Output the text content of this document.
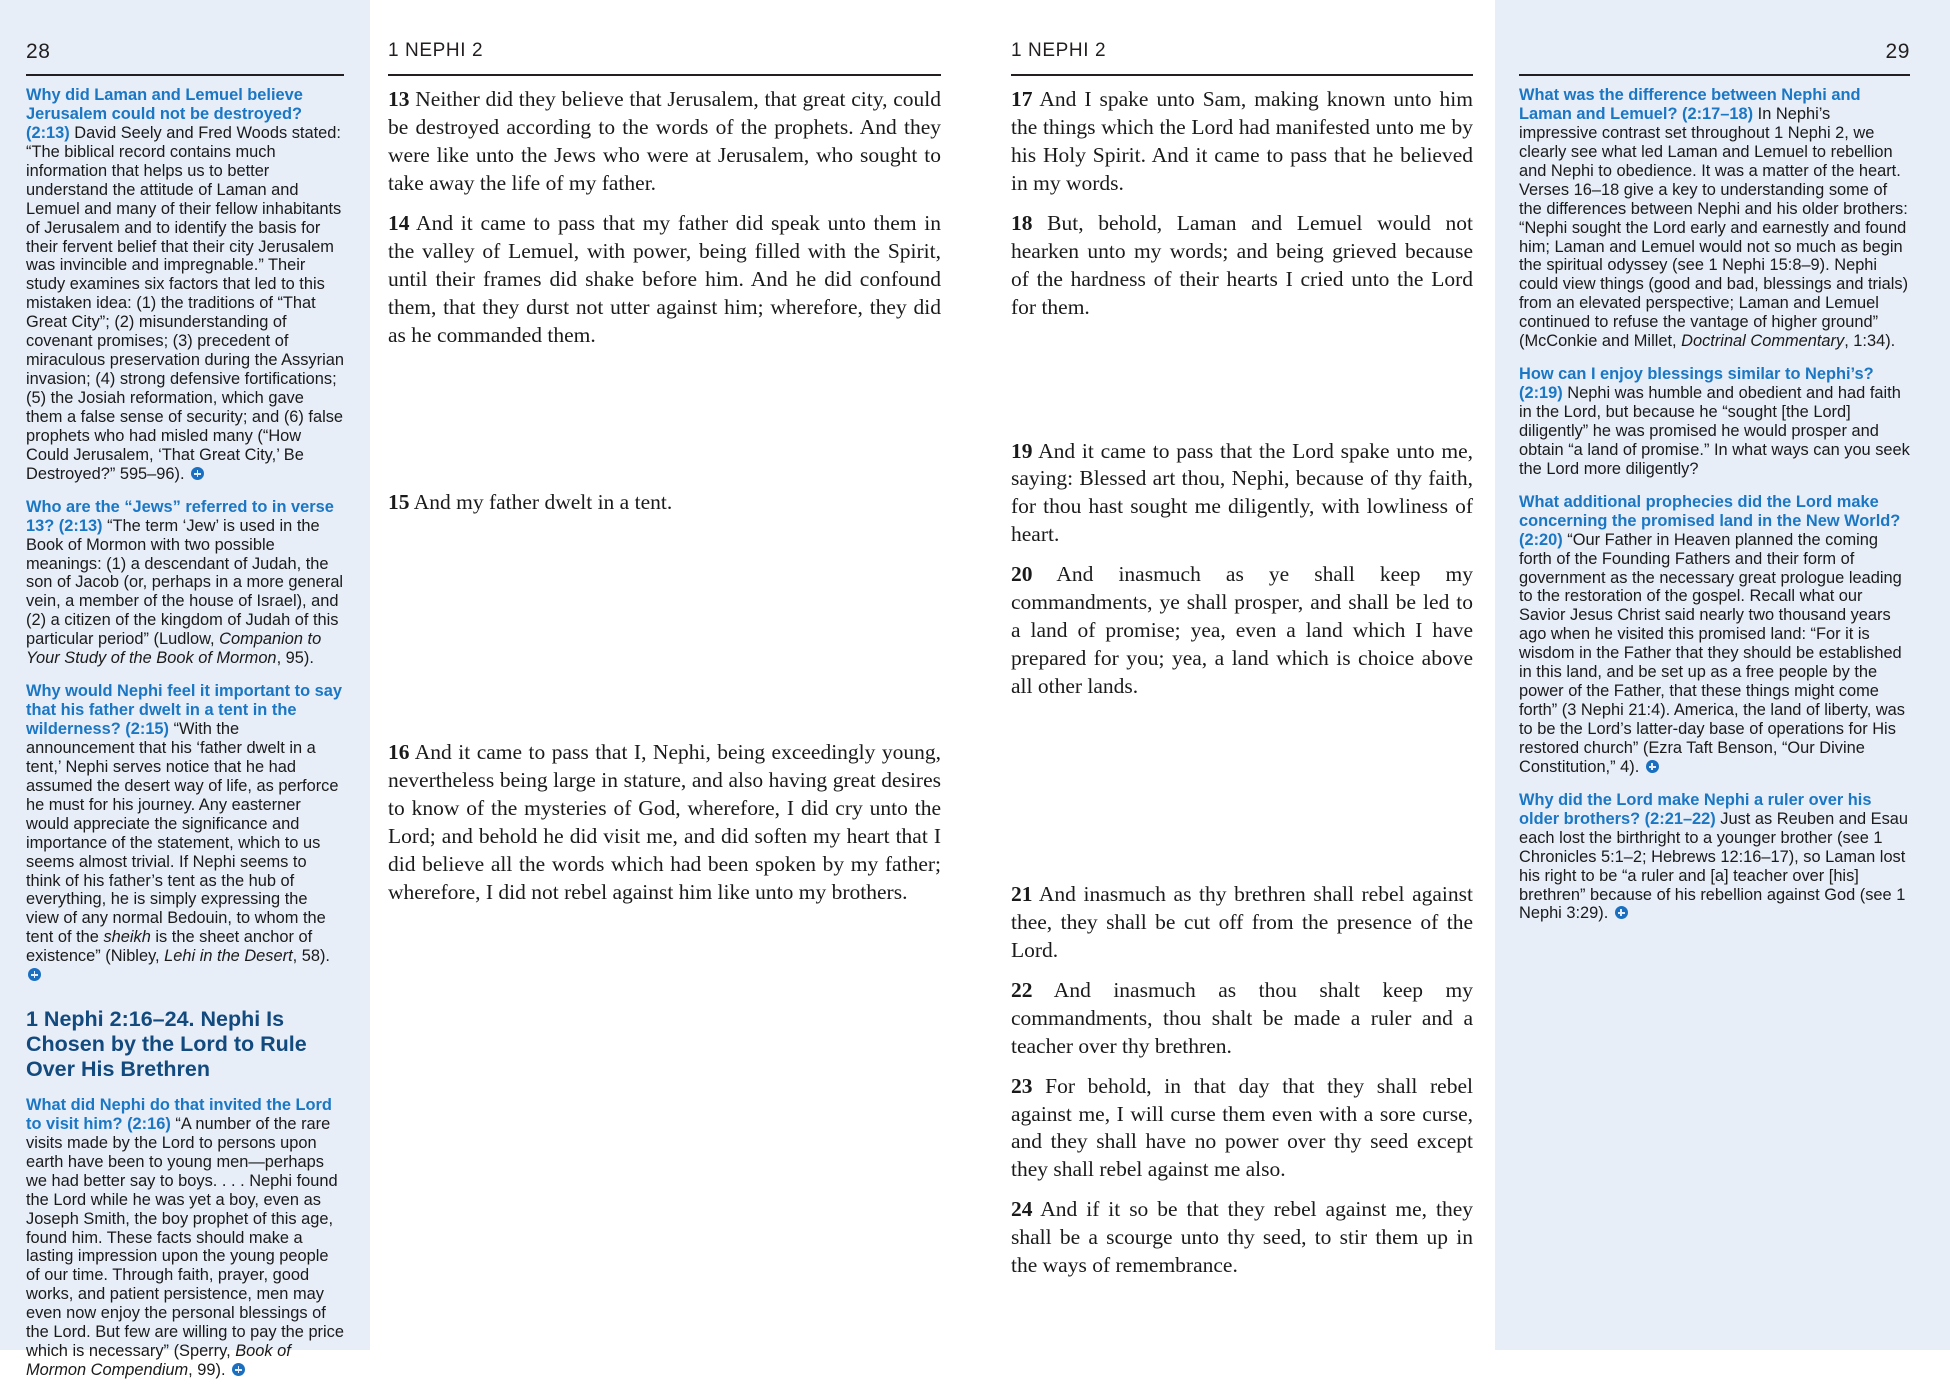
28
Why did Laman and Lemuel believe Jerusalem could not be destroyed? (2:13) David Seely and Fred Woods stated: “The biblical record contains much information that helps us to better understand the attitude of Laman and Lemuel and many of their fellow inhabitants of Jerusalem and to identify the basis for their fervent belief that their city Jerusalem was invincible and impregnable.” Their study examines six factors that led to this mistaken idea: (1) the traditions of “That Great City”; (2) misunderstanding of covenant promises; (3) precedent of miraculous preservation during the Assyrian invasion; (4) strong defensive fortifications; (5) the Josiah reformation, which gave them a false sense of security; and (6) false prophets who had misled many (“How Could Jerusalem, ‘That Great City,’ Be Destroyed?” 595–96).
Who are the “Jews” referred to in verse 13? (2:13) “The term ‘Jew’ is used in the Book of Mormon with two possible meanings: (1) a descendant of Judah, the son of Jacob (or, perhaps in a more general vein, a member of the house of Israel), and (2) a citizen of the kingdom of Judah of this particular period” (Ludlow, Companion to Your Study of the Book of Mormon, 95).
Why would Nephi feel it important to say that his father dwelt in a tent in the wilderness? (2:15) “With the announcement that his ‘father dwelt in a tent,’ Nephi serves notice that he had assumed the desert way of life, as perforce he must for his journey. Any easterner would appreciate the significance and importance of the statement, which to us seems almost trivial. If Nephi seems to think of his father’s tent as the hub of everything, he is simply expressing the view of any normal Bedouin, to whom the tent of the sheikh is the sheet anchor of existence” (Nibley, Lehi in the Desert, 58).
1 Nephi 2:16–24. Nephi Is Chosen by the Lord to Rule Over His Brethren
What did Nephi do that invited the Lord to visit him? (2:16) “A number of the rare visits made by the Lord to persons upon earth have been to young men—perhaps we had better say to boys. . . . Nephi found the Lord while he was yet a boy, even as Joseph Smith, the boy prophet of this age, found him. These facts should make a lasting impression upon the young people of our time. Through faith, prayer, good works, and patient persistence, men may even now enjoy the personal blessings of the Lord. But few are willing to pay the price which is necessary” (Sperry, Book of Mormon Compendium, 99).
1 NEPHI 2

13 Neither did they believe that Jerusalem, that great city, could be destroyed according to the words of the prophets. And they were like unto the Jews who were at Jerusalem, who sought to take away the life of my father.

14 And it came to pass that my father did speak unto them in the valley of Lemuel, with power, being filled with the Spirit, until their frames did shake before him. And he did confound them, that they durst not utter against him; wherefore, they did as he commanded them.

15 And my father dwelt in a tent.

16 And it came to pass that I, Nephi, being exceedingly young, nevertheless being large in stature, and also having great desires to know of the mysteries of God, wherefore, I did cry unto the Lord; and behold he did visit me, and did soften my heart that I did believe all the words which had been spoken by my father; wherefore, I did not rebel against him like unto my brothers.

1 NEPHI 2

17 And I spake unto Sam, making known unto him the things which the Lord had manifested unto me by his Holy Spirit. And it came to pass that he believed in my words.

18 But, behold, Laman and Lemuel would not hearken unto my words; and being grieved because of the hardness of their hearts I cried unto the Lord for them.

19 And it came to pass that the Lord spake unto me, saying: Blessed art thou, Nephi, because of thy faith, for thou hast sought me diligently, with lowliness of heart.

20 And inasmuch as ye shall keep my commandments, ye shall prosper, and shall be led to a land of promise; yea, even a land which I have prepared for you; yea, a land which is choice above all other lands.

21 And inasmuch as thy brethren shall rebel against thee, they shall be cut off from the presence of the Lord.

22 And inasmuch as thou shalt keep my commandments, thou shalt be made a ruler and a teacher over thy brethren.

23 For behold, in that day that they shall rebel against me, I will curse them even with a sore curse, and they shall have no power over thy seed except they shall rebel against me also.

24 And if it so be that they rebel against me, they shall be a scourge unto thy seed, to stir them up in the ways of remembrance.

29
What was the difference between Nephi and Laman and Lemuel? (2:17–18) In Nephi’s impressive contrast set throughout 1 Nephi 2, we clearly see what led Laman and Lemuel to rebellion and Nephi to obedience. It was a matter of the heart. Verses 16–18 give a key to understanding some of the differences between Nephi and his older brothers: “Nephi sought the Lord early and earnestly and found him; Laman and Lemuel would not so much as begin the spiritual odyssey (see 1 Nephi 15:8–9). Nephi could view things (good and bad, blessings and trials) from an elevated perspective; Laman and Lemuel continued to refuse the vantage of higher ground” (McConkie and Millet, Doctrinal Commentary, 1:34).
How can I enjoy blessings similar to Nephi’s? (2:19) Nephi was humble and obedient and had faith in the Lord, but because he “sought [the Lord] diligently” he was promised he would prosper and obtain “a land of promise.” In what ways can you seek the Lord more diligently?
What additional prophecies did the Lord make concerning the promised land in the New World? (2:20) “Our Father in Heaven planned the coming forth of the Founding Fathers and their form of government as the necessary great prologue leading to the restoration of the gospel. Recall what our Savior Jesus Christ said nearly two thousand years ago when he visited this promised land: “For it is wisdom in the Father that they should be established in this land, and be set up as a free people by the power of the Father, that these things might come forth” (3 Nephi 21:4). America, the land of liberty, was to be the Lord’s latter-day base of operations for His restored church” (Ezra Taft Benson, “Our Divine Constitution,” 4).
Why did the Lord make Nephi a ruler over his older brothers? (2:21–22) Just as Reuben and Esau each lost the birthright to a younger brother (see 1 Chronicles 5:1–2; Hebrews 12:16–17), so Laman lost his right to be “a ruler and [a] teacher over [his] brethren” because of his rebellion against God (see 1 Nephi 3:29).
